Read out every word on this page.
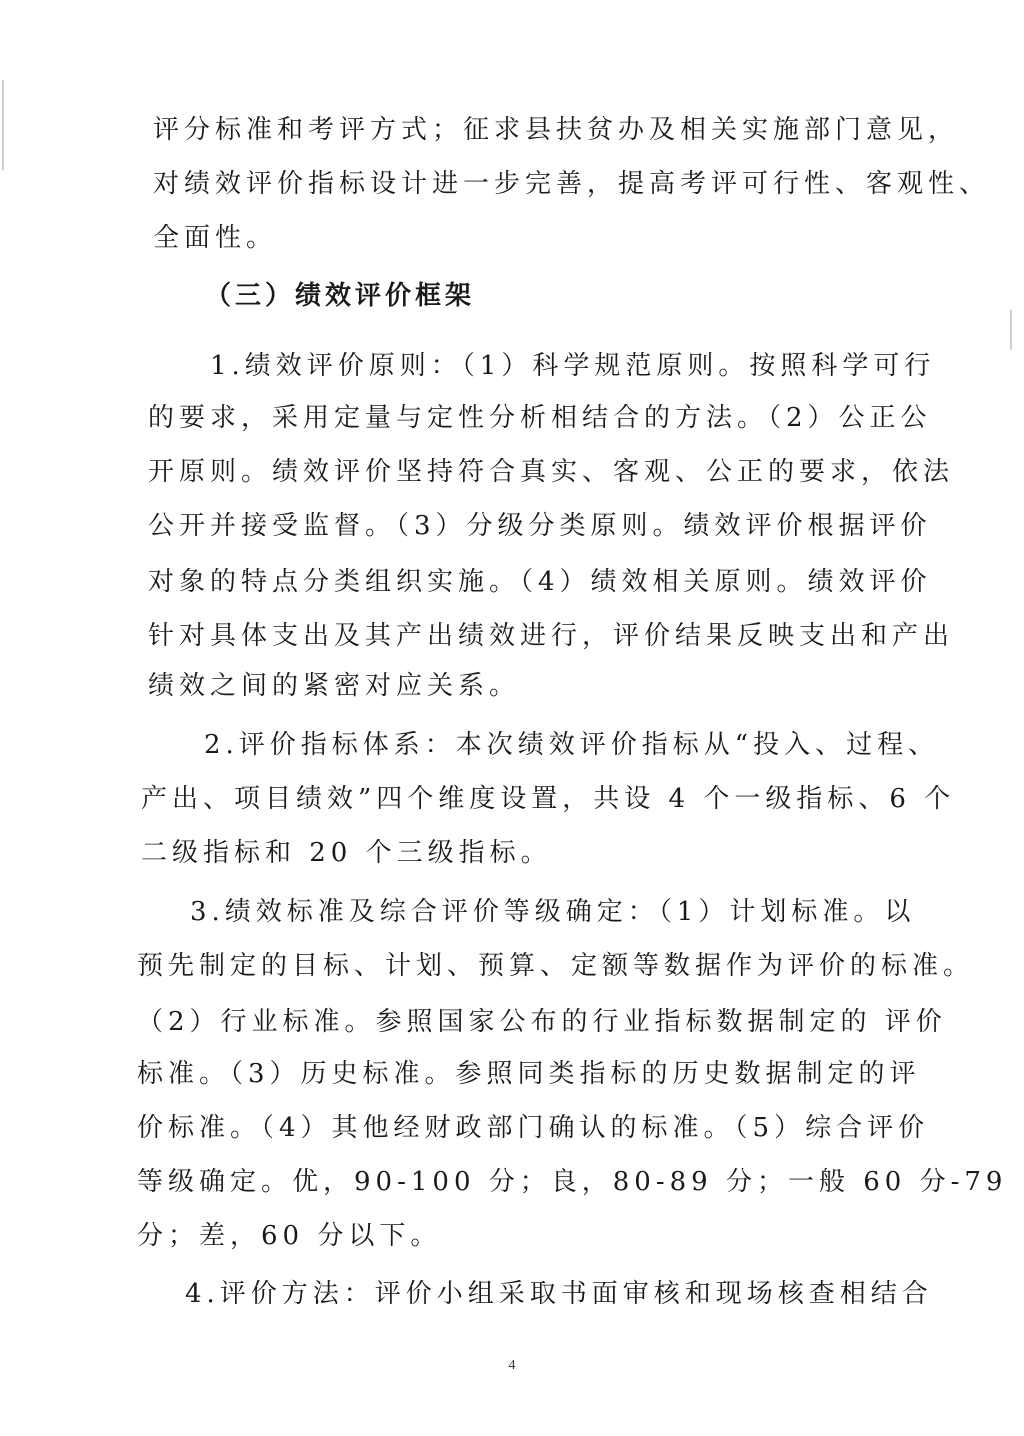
评分标准和考评方式；征求县扶贫办及相关实施部门意见，
对绩效评价指标设计进一步完善，提高考评可行性、客观性、
全面性。
（三）绩效评价框架
1.绩效评价原则：（1）科学规范原则。按照科学可行
的要求，采用定量与定性分析相结合的方法。（2）公正公
开原则。绩效评价坚持符合真实、客观、公正的要求，依法
公开并接受监督。（3）分级分类原则。绩效评价根据评价
对象的特点分类组织实施。（4）绩效相关原则。绩效评价
针对具体支出及其产出绩效进行，评价结果反映支出和产出
绩效之间的紧密对应关系。
2.评价指标体系：本次绩效评价指标从“投入、过程、
产出、项目绩效”四个维度设置，共设 4 个一级指标、6 个
二级指标和 20 个三级指标。
3.绩效标准及综合评价等级确定：（1）计划标准。以
预先制定的目标、计划、预算、定额等数据作为评价的标准。
（2）行业标准。参照国家公布的行业指标数据制定的 评价
标准。（3）历史标准。参照同类指标的历史数据制定的评
价标准。（4）其他经财政部门确认的标准。（5）综合评价
等级确定。优，90-100 分；良，80-89 分；一般 60 分-79
分；差，60 分以下。
4.评价方法：评价小组采取书面审核和现场核查相结合
4
